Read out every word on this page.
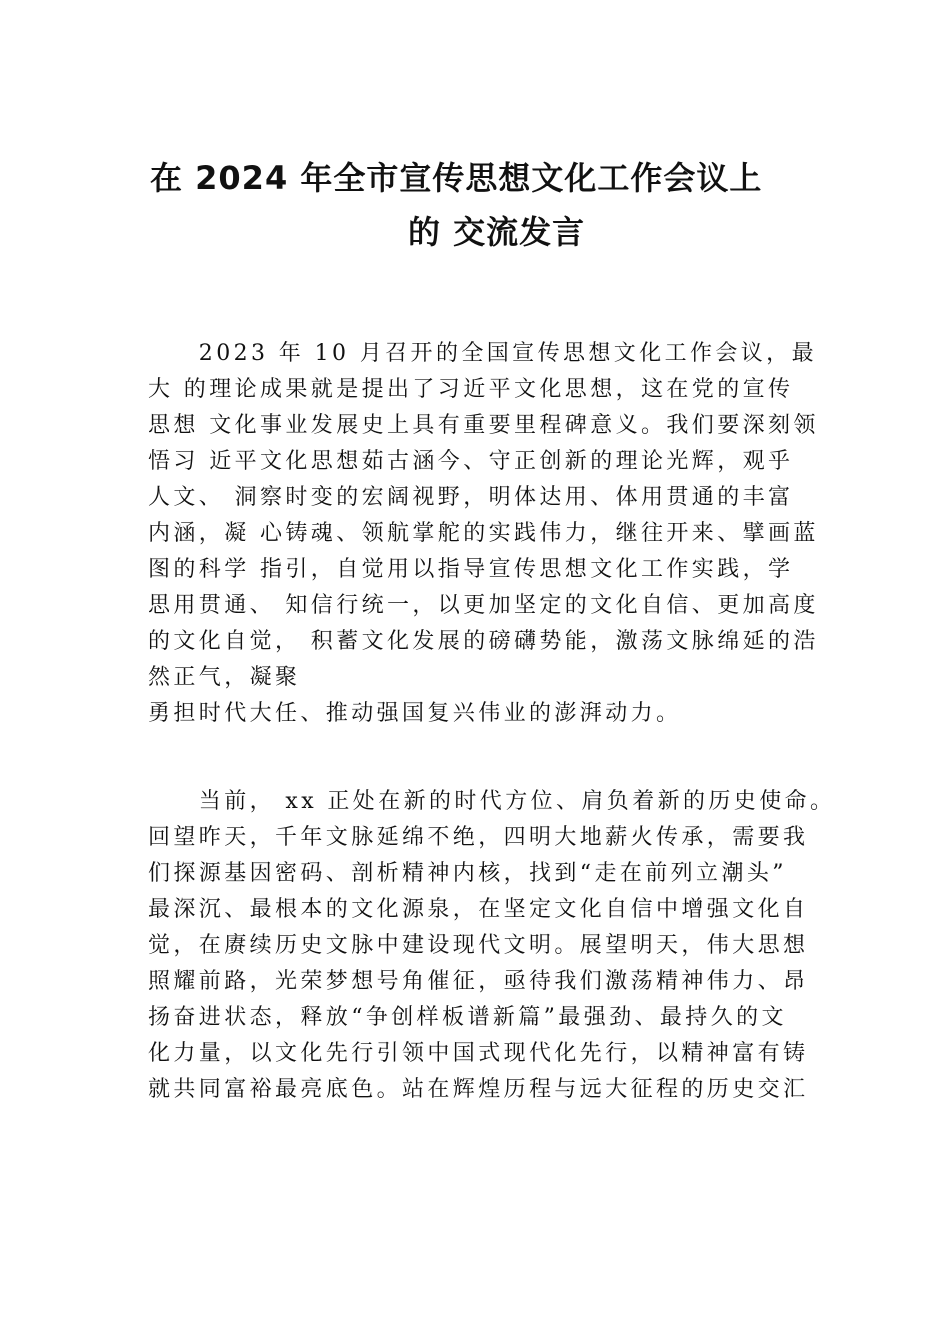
在 2024 年全市宣传思想文化工作会议上
的 交流发言
　　2023 年 10 月召开的全国宣传思想文化工作会议，最
大 的理论成果就是提出了习近平文化思想，这在党的宣传
思想 文化事业发展史上具有重要里程碑意义。我们要深刻领
悟习 近平文化思想茹古涵今、守正创新的理论光辉，观乎
人文、 洞察时变的宏阔视野，明体达用、体用贯通的丰富
内涵，凝 心铸魂、领航掌舵的实践伟力，继往开来、擘画蓝
图的科学 指引，自觉用以指导宣传思想文化工作实践，学
思用贯通、 知信行统一，以更加坚定的文化自信、更加高度
的文化自觉， 积蓄文化发展的磅礴势能，激荡文脉绵延的浩
然正气，凝聚
勇担时代大任、推动强国复兴伟业的澎湃动力。
　　当前， xx 正处在新的时代方位、肩负着新的历史使命。
回望昨天，千年文脉延绵不绝，四明大地薪火传承，需要我
们探源基因密码、剖析精神内核，找到“走在前列立潮头”
最深沉、最根本的文化源泉，在坚定文化自信中增强文化自
觉，在赓续历史文脉中建设现代文明。展望明天，伟大思想
照耀前路，光荣梦想号角催征，亟待我们激荡精神伟力、昂
扬奋进状态，释放“争创样板谱新篇”最强劲、最持久的文
化力量，以文化先行引领中国式现代化先行，以精神富有铸
就共同富裕最亮底色。站在辉煌历程与远大征程的历史交汇
